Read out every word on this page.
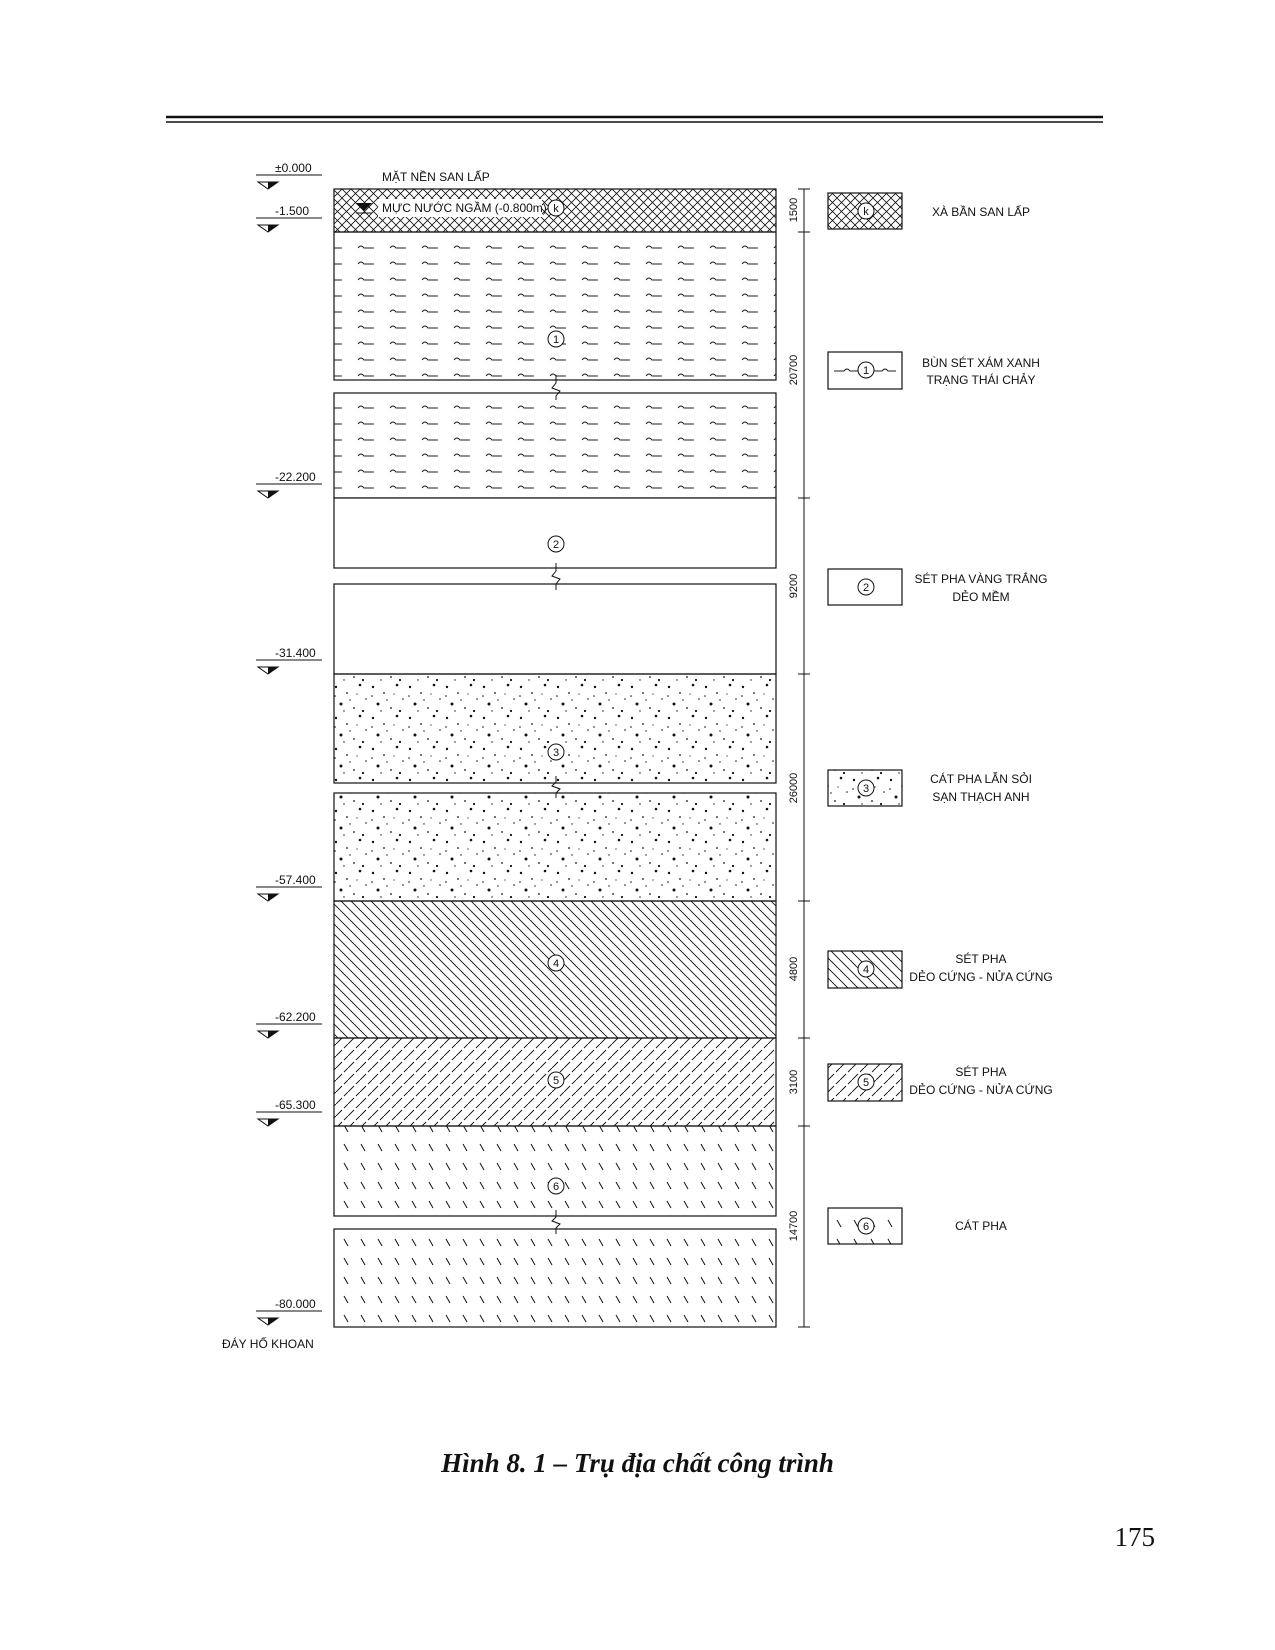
MỰC NƯỚC NGẦM (-0.800m) k
1
2
3
4
5
6
MẶT NỀN SAN LẤP
1500
20700
9200
26000
4800
3100
14700
±0.000
-1.500
-22.200
-31.400
-57.400
-62.200
-65.300
-80.000
ĐÁY HỐ KHOAN
k	XÀ BẦN SAN LẤP
1
BÙN SÉT XÁM XANH
TRẠNG THÁI CHẢY
2
SÉT PHA VÀNG TRẮNG
DẺO MỀM
3
CÁT PHA LẪN SỎI
SẠN THẠCH ANH
4
SÉT PHA
DẺO CỨNG - NỬA CỨNG
5
SÉT PHA
DẺO CỨNG - NỬA CỨNG
6	CÁT PHA
Hình 8. 1 – Trụ địa chất công trình
175
